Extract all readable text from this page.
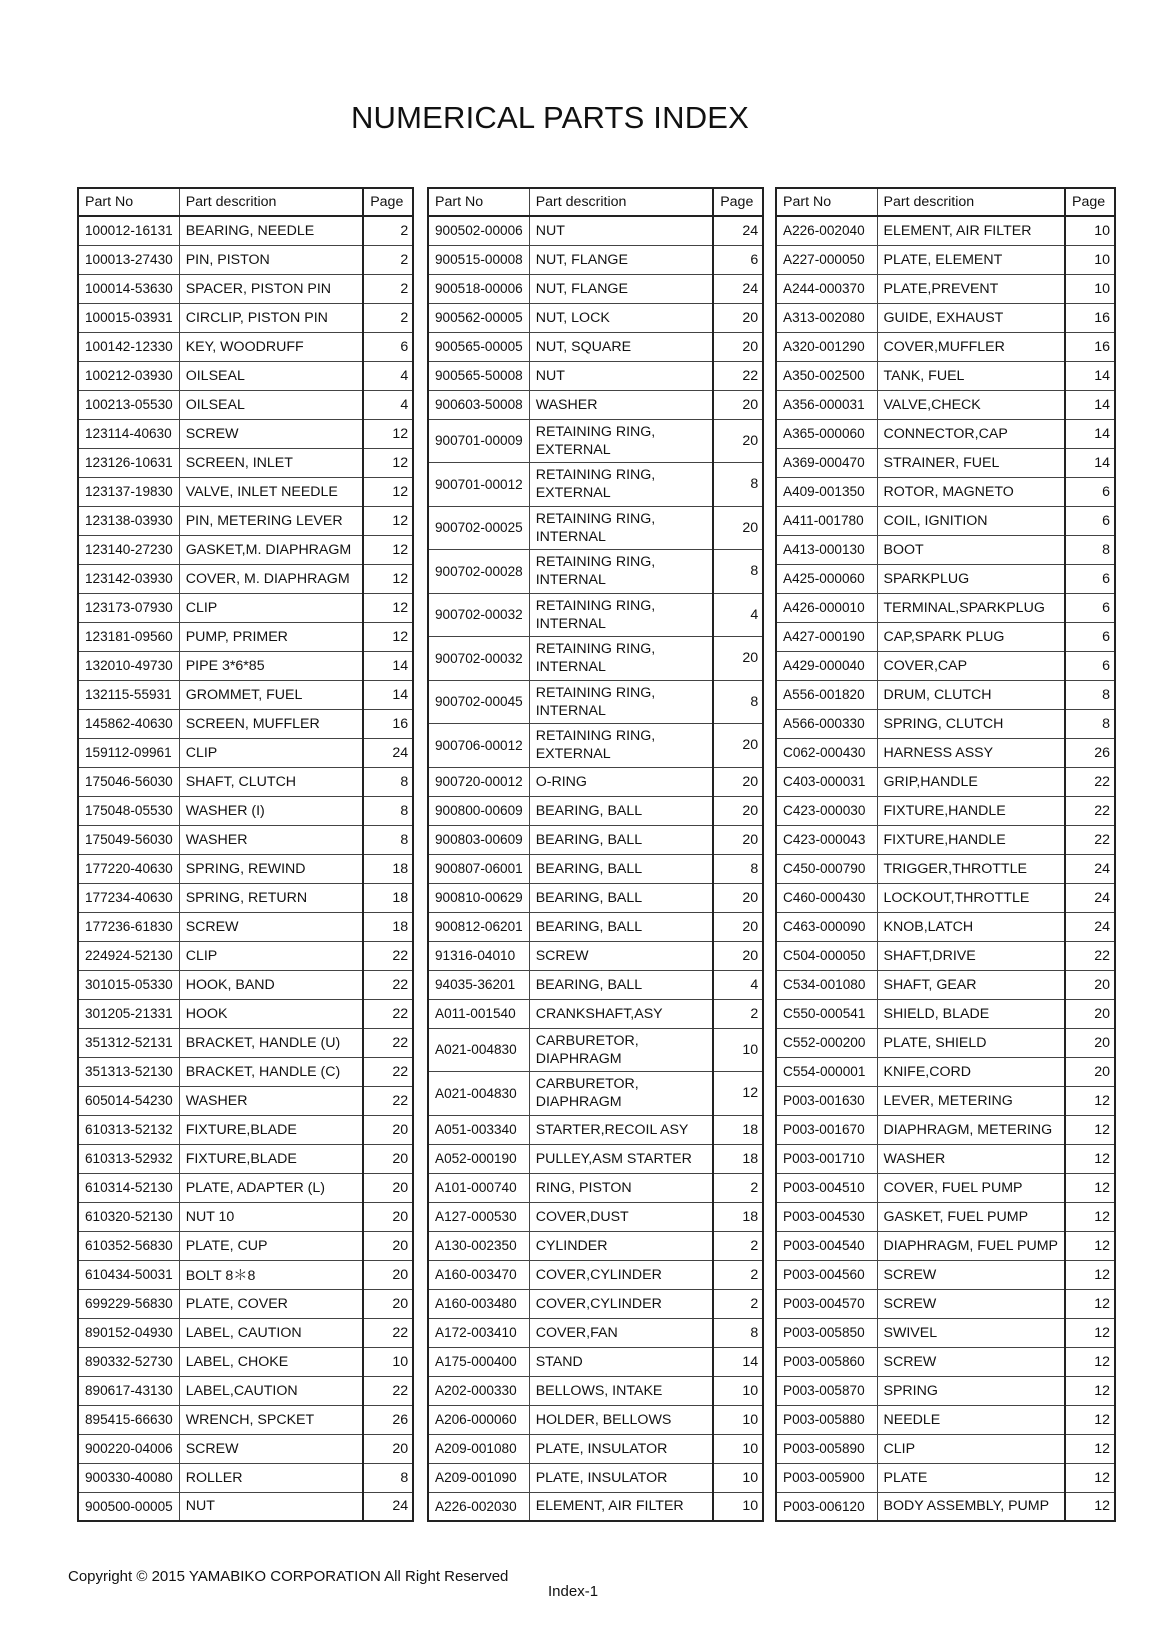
NUMERICAL PARTS INDEX
Part No	Part descrition	Page
100012-16131	BEARING, NEEDLE	2
100013-27430	PIN, PISTON	2
100014-53630	SPACER, PISTON PIN	2
100015-03931	CIRCLIP, PISTON PIN	2
100142-12330	KEY, WOODRUFF	6
100212-03930	OILSEAL	4
100213-05530	OILSEAL	4
123114-40630	SCREW	12
123126-10631	SCREEN, INLET	12
123137-19830	VALVE, INLET NEEDLE	12
123138-03930	PIN, METERING LEVER	12
123140-27230	GASKET,M. DIAPHRAGM	12
123142-03930	COVER, M. DIAPHRAGM	12
123173-07930	CLIP	12
123181-09560	PUMP, PRIMER	12
132010-49730	PIPE 3*6*85	14
132115-55931	GROMMET, FUEL	14
145862-40630	SCREEN, MUFFLER	16
159112-09961	CLIP	24
175046-56030	SHAFT, CLUTCH	8
175048-05530	WASHER (I)	8
175049-56030	WASHER	8
177220-40630	SPRING, REWIND	18
177234-40630	SPRING, RETURN	18
177236-61830	SCREW	18
224924-52130	CLIP	22
301015-05330	HOOK, BAND	22
301205-21331	HOOK	22
351312-52131	BRACKET, HANDLE (U)	22
351313-52130	BRACKET, HANDLE (C)	22
605014-54230	WASHER	22
610313-52132	FIXTURE,BLADE	20
610313-52932	FIXTURE,BLADE	20
610314-52130	PLATE, ADAPTER (L)	20
610320-52130	NUT 10	20
610352-56830	PLATE, CUP	20
610434-50031	BOLT 8＊8	20
699229-56830	PLATE, COVER	20
890152-04930	LABEL, CAUTION	22
890332-52730	LABEL, CHOKE	10
890617-43130	LABEL,CAUTION	22
895415-66630	WRENCH, SPCKET	26
900220-04006	SCREW	20
900330-40080	ROLLER	8
900500-00005	NUT	24
Part No	Part descrition	Page
900502-00006	NUT	24
900515-00008	NUT, FLANGE	6
900518-00006	NUT, FLANGE	24
900562-00005	NUT, LOCK	20
900565-00005	NUT, SQUARE	20
900565-50008	NUT	22
900603-50008	WASHER	20
900701-00009	RETAINING RING, EXTERNAL	20
900701-00012	RETAINING RING, EXTERNAL	8
900702-00025	RETAINING RING, INTERNAL	20
900702-00028	RETAINING RING, INTERNAL	8
900702-00032	RETAINING RING, INTERNAL	4
900702-00032	RETAINING RING, INTERNAL	20
900702-00045	RETAINING RING, INTERNAL	8
900706-00012	RETAINING RING, EXTERNAL	20
900720-00012	O-RING	20
900800-00609	BEARING, BALL	20
900803-00609	BEARING, BALL	20
900807-06001	BEARING, BALL	8
900810-00629	BEARING, BALL	20
900812-06201	BEARING, BALL	20
91316-04010	SCREW	20
94035-36201	BEARING, BALL	4
A011-001540	CRANKSHAFT,ASY	2
A021-004830	CARBURETOR, DIAPHRAGM	10
A021-004830	CARBURETOR, DIAPHRAGM	12
A051-003340	STARTER,RECOIL ASY	18
A052-000190	PULLEY,ASM STARTER	18
A101-000740	RING, PISTON	2
A127-000530	COVER,DUST	18
A130-002350	CYLINDER	2
A160-003470	COVER,CYLINDER	2
A160-003480	COVER,CYLINDER	2
A172-003410	COVER,FAN	8
A175-000400	STAND	14
A202-000330	BELLOWS, INTAKE	10
A206-000060	HOLDER, BELLOWS	10
A209-001080	PLATE, INSULATOR	10
A209-001090	PLATE, INSULATOR	10
A226-002030	ELEMENT, AIR FILTER	10
Part No	Part descrition	Page
A226-002040	ELEMENT, AIR FILTER	10
A227-000050	PLATE, ELEMENT	10
A244-000370	PLATE,PREVENT	10
A313-002080	GUIDE, EXHAUST	16
A320-001290	COVER,MUFFLER	16
A350-002500	TANK, FUEL	14
A356-000031	VALVE,CHECK	14
A365-000060	CONNECTOR,CAP	14
A369-000470	STRAINER, FUEL	14
A409-001350	ROTOR, MAGNETO	6
A411-001780	COIL, IGNITION	6
A413-000130	BOOT	8
A425-000060	SPARKPLUG	6
A426-000010	TERMINAL,SPARKPLUG	6
A427-000190	CAP,SPARK PLUG	6
A429-000040	COVER,CAP	6
A556-001820	DRUM, CLUTCH	8
A566-000330	SPRING, CLUTCH	8
C062-000430	HARNESS ASSY	26
C403-000031	GRIP,HANDLE	22
C423-000030	FIXTURE,HANDLE	22
C423-000043	FIXTURE,HANDLE	22
C450-000790	TRIGGER,THROTTLE	24
C460-000430	LOCKOUT,THROTTLE	24
C463-000090	KNOB,LATCH	24
C504-000050	SHAFT,DRIVE	22
C534-001080	SHAFT, GEAR	20
C550-000541	SHIELD, BLADE	20
C552-000200	PLATE, SHIELD	20
C554-000001	KNIFE,CORD	20
P003-001630	LEVER, METERING	12
P003-001670	DIAPHRAGM, METERING	12
P003-001710	WASHER	12
P003-004510	COVER, FUEL PUMP	12
P003-004530	GASKET, FUEL PUMP	12
P003-004540	DIAPHRAGM, FUEL PUMP	12
P003-004560	SCREW	12
P003-004570	SCREW	12
P003-005850	SWIVEL	12
P003-005860	SCREW	12
P003-005870	SPRING	12
P003-005880	NEEDLE	12
P003-005890	CLIP	12
P003-005900	PLATE	12
P003-006120	BODY ASSEMBLY, PUMP	12
Copyright © 2015 YAMABIKO CORPORATION All Right Reserved
Index-1
